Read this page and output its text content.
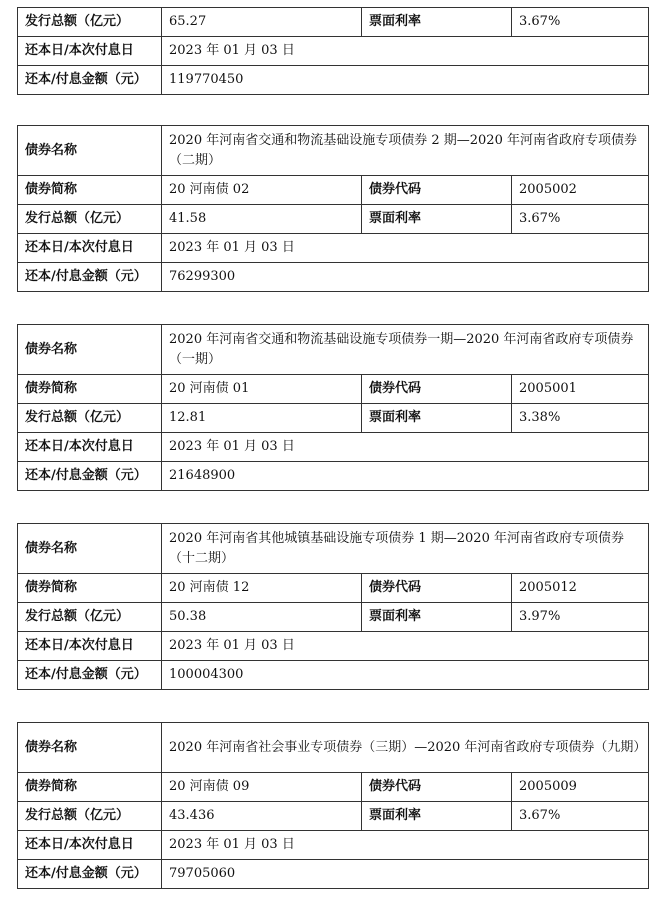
发行总额（亿元）	65.27	票面利率	3.67%
还本日/本次付息日	2023 年 01 月 03 日		
还本/付息金额（元）	119770450		
债券名称	2020 年河南省交通和物流基础设施专项债券 2 期—2020 年河南省政府专项债券（二期）		
债券简称	20 河南债 02	债券代码	2005002
发行总额（亿元）	41.58	票面利率	3.67%
还本日/本次付息日	2023 年 01 月 03 日		
还本/付息金额（元）	76299300		
债券名称	2020 年河南省交通和物流基础设施专项债券一期—2020 年河南省政府专项债券（一期）		
债券简称	20 河南债 01	债券代码	2005001
发行总额（亿元）	12.81	票面利率	3.38%
还本日/本次付息日	2023 年 01 月 03 日		
还本/付息金额（元）	21648900		
债券名称	2020 年河南省其他城镇基础设施专项债券 1 期—2020 年河南省政府专项债券（十二期）		
债券简称	20 河南债 12	债券代码	2005012
发行总额（亿元）	50.38	票面利率	3.97%
还本日/本次付息日	2023 年 01 月 03 日		
还本/付息金额（元）	100004300		
债券名称	2020 年河南省社会事业专项债券（三期）—2020 年河南省政府专项债券（九期）		
债券简称	20 河南债 09	债券代码	2005009
发行总额（亿元）	43.436	票面利率	3.67%
还本日/本次付息日	2023 年 01 月 03 日		
还本/付息金额（元）	79705060		
